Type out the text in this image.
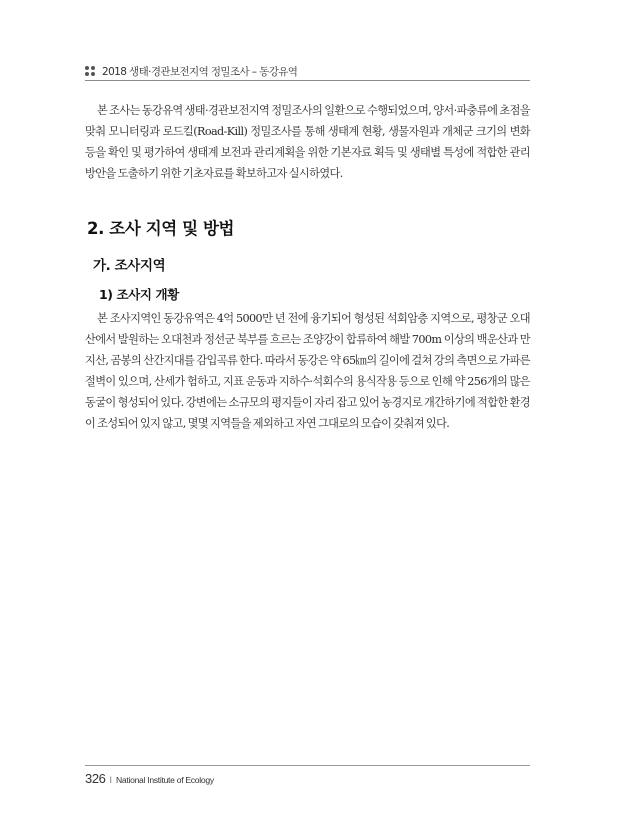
2018 생태·경관보전지역 정밀조사 – 동강유역

본 조사는 동강유역 생태·경관보전지역 정밀조사의 일환으로 수행되었으며, 양서·파충류에 초점을 맞춰 모니터링과 로드킬(Road-Kill) 정밀조사를 통해 생태계 현황, 생물자원과 개체군 크기의 변화 등을 확인 및 평가하여 생태계 보전과 관리계획을 위한 기본자료 획득 및 생태별 특성에 적합한 관리 방안을 도출하기 위한 기초자료를 확보하고자 실시하였다.

2. 조사 지역 및 방법
가. 조사지역
1) 조사지 개황

본 조사지역인 동강유역은 4억 5000만 년 전에 융기되어 형성된 석회암층 지역으로, 평창군 오대산에서 발원하는 오대천과 정선군 북부를 흐르는 조양강이 합류하여 해발 700m 이상의 백운산과 만지산, 곰봉의 산간지대를 감입곡류 한다. 따라서 동강은 약 65㎞의 길이에 걸쳐 강의 측면으로 가파른 절벽이 있으며, 산세가 험하고, 지표 운동과 지하수·석회수의 용식작용 등으로 인해 약 256개의 많은 동굴이 형성되어 있다. 강변에는 소규모의 평지들이 자리 잡고 있어 농경지로 개간하기에 적합한 환경이 조성되어 있지 않고, 몇몇 지역들을 제외하고 자연 그대로의 모습이 갖춰져 있다.

326 I National Institute of Ecology
